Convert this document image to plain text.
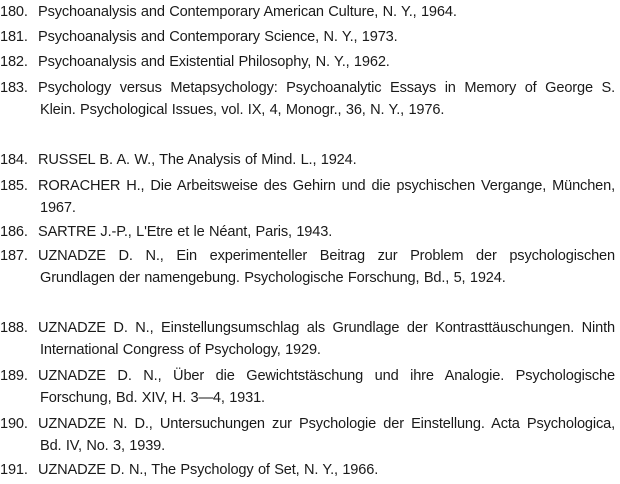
180. Psychoanalysis and Contemporary American Culture, N. Y., 1964.
181. Psychoanalysis and Contemporary Science, N. Y., 1973.
182. Psychoanalysis and Existential Philosophy, N. Y., 1962.
183. Psychology versus Metapsychology: Psychoanalytic Essays in Memory of George S. Klein. Psychological Issues, vol. IX, 4, Monogr., 36, N. Y., 1976.
184. RUSSEL B. A. W., The Analysis of Mind. L., 1924.
185. RORACHER H., Die Arbeitsweise des Gehirn und die psychischen Vergange, München, 1967.
186. SARTRE J.-P., L'Etre et le Néant, Paris, 1943.
187. UZNADZE D. N., Ein experimenteller Beitrag zur Problem der psychologischen Grundlagen der namengebung. Psychologische Forschung, Bd., 5, 1924.
188. UZNADZE D. N., Einstellungsumschlag als Grundlage der Kontrasttäuschungen. Ninth International Congress of Psychology, 1929.
189. UZNADZE D. N., Über die Gewichtstäschung und ihre Analogie. Psychologische Forschung, Bd. XIV, H. 3—4, 1931.
190. UZNADZE N. D., Untersuchungen zur Psychologie der Einstellung. Acta Psychologica, Bd. IV, No. 3, 1939.
191. UZNADZE D. N., The Psychology of Set, N. Y., 1966.
